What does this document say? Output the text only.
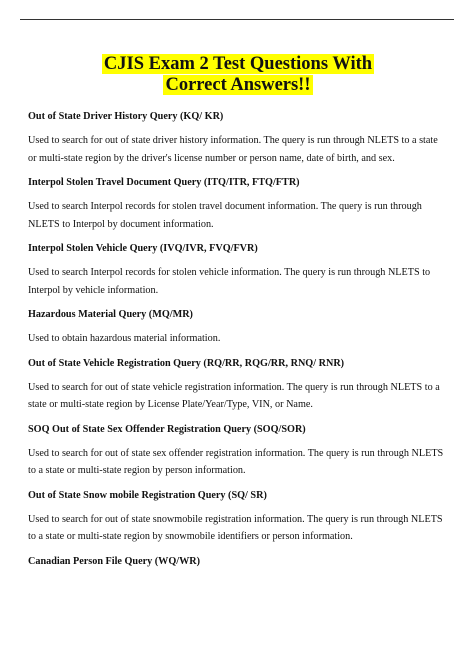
CJIS Exam 2 Test Questions With
Correct Answers!!

Out of State Driver History Query (KQ/ KR)

Used to search for out of state driver history information. The query is run through NLETS to a state or multi-state region by the driver's license number or person name, date of birth, and sex.

Interpol Stolen Travel Document Query (ITQ/ITR, FTQ/FTR)

Used to search Interpol records for stolen travel document information. The query is run through NLETS to Interpol by document information.

Interpol Stolen Vehicle Query (IVQ/IVR, FVQ/FVR)

Used to search Interpol records for stolen vehicle information. The query is run through NLETS to Interpol by vehicle information.

Hazardous Material Query (MQ/MR)

Used to obtain hazardous material information.

Out of State Vehicle Registration Query (RQ/RR, RQG/RR, RNQ/ RNR)

Used to search for out of state vehicle registration information. The query is run through NLETS to a state or multi-state region by License Plate/Year/Type, VIN, or Name.

SOQ Out of State Sex Offender Registration Query (SOQ/SOR)

Used to search for out of state sex offender registration information. The query is run through NLETS to a state or multi-state region by person information.

Out of State Snow mobile Registration Query (SQ/ SR)

Used to search for out of state snowmobile registration information. The query is run through NLETS to a state or multi-state region by snowmobile identifiers or person information.

Canadian Person File Query (WQ/WR)
